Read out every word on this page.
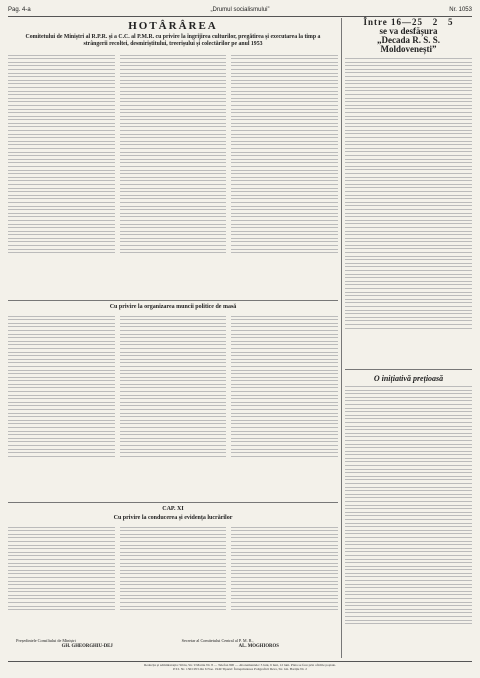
Pag. 4-a	„Drumul socialismului”	Nr. 1053
HOTÂRÂREA
Comitetului de Miniștri al R.P.R. și a C.C. al P.M.R. cu privire la îngrijirea culturilor, pregătirea și executarea la timp a strângerii recoltei, desmiriștitului, treerișului și colectărilor pe anul 1953
Cu privire la organizarea muncii politice de masă
CAP. XI
Cu privire la conducerea și evidența lucrărilor
Președintele Consiliului de Miniștri
GH. GHEORGHIU-DEJ
Secretar al Comitetului Central al P. M. R.,
AL. MOGHIOROS
Între 16—25   2   5
se va desfășura
„Decada R. S. S.
Moldovenești”
O inițiativă prețioasă
Redacția și administrația: Sibiu, Str. 9 Martie Nr. 8 — Telefon 990 — Abonamentele: 3 luni, 6 luni, 12 luni. Plata se face prin oficiile poștale.
P.T.I. Nr. 136/1953 din 6 Noe. 1949 Tiparul: Întreprinderea Poligrafică Deva, Str. Gh. Barițiu Nr. 2
